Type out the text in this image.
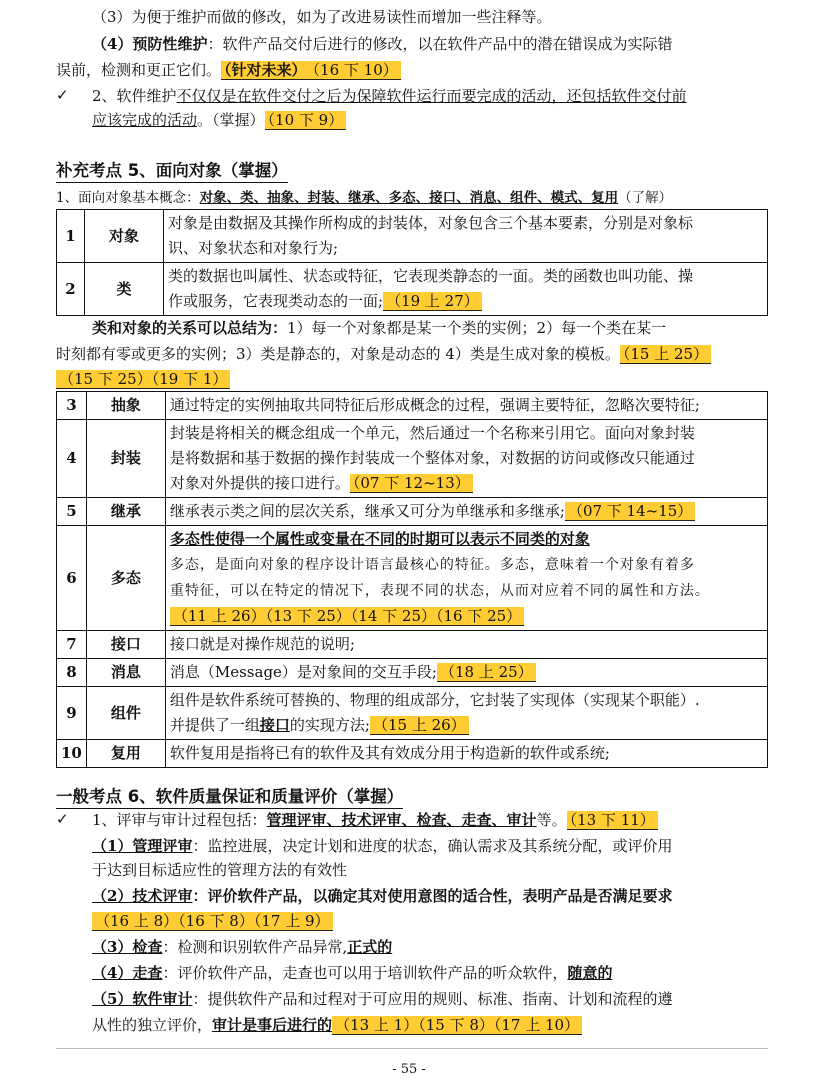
（3）为便于维护而做的修改，如为了改进易读性而增加一些注释等。
（4）预防性维护：软件产品交付后进行的修改，以在软件产品中的潜在错误成为实际错
误前，检测和更正它们。 （针对未来） （16 下 10）
✓ 2、软件维护不仅仅是在软件交付之后为保障软件运行而要完成的活动，还包括软件交付前
应该完成的活动。（掌握） （10 下 9）
补充考点 5、面向对象（掌握）
1、面向对象基本概念：对象、类、抽象、封装、继承、多态、接口、消息、组件、模式、复用（了解）
1	对象	对象是由数据及其操作所构成的封装体，对象包含三个基本要素，分别是对象标
识、对象状态和对象行为;
2	类	类的数据也叫属性、状态或特征，它表现类静态的一面。类的函数也叫功能、操
作或服务，它表现类动态的一面; （19 上 27）
类和对象的关系可以总结为：1）每一个对象都是某一个类的实例；2）每一个类在某一
时刻都有零或更多的实例；3）类是静态的，对象是动态的 4）类是生成对象的模板。 （15 上 25）
（15 下 25）（19 下 1）
3	抽象	通过特定的实例抽取共同特征后形成概念的过程，强调主要特征，忽略次要特征;
4	封装	封装是将相关的概念组成一个单元，然后通过一个名称来引用它。面向对象封装
是将数据和基于数据的操作封装成一个整体对象，对数据的访问或修改只能通过
对象对外提供的接口进行。 （07 下 12~13）
5	继承	继承表示类之间的层次关系，继承又可分为单继承和多继承; （07 下 14~15）
6	多态	多态性使得一个属性或变量在不同的时期可以表示不同类的对象
多态，是面向对象的程序设计语言最核心的特征。多态，意味着一个对象有着多
重特征，可以在特定的情况下，表现不同的状态，从而对应着不同的属性和方法。
（11 上 26）（13 下 25）（14 下 25）（16 下 25）
7	接口	接口就是对操作规范的说明;
8	消息	消息（Message）是对象间的交互手段; （18 上 25）
9	组件	组件是软件系统可替换的、物理的组成部分，它封装了实现体（实现某个职能）.
并提供了一组接口的实现方法; （15 上 26）
10	复用	软件复用是指将已有的软件及其有效成分用于构造新的软件或系统;
一般考点 6、软件质量保证和质量评价（掌握）
✓ 1、评审与审计过程包括：管理评审、技术评审、检查、走查、审计等。 （13 下 11）
（1）管理评审：监控进展，决定计划和进度的状态，确认需求及其系统分配，或评价用
于达到目标适应性的管理方法的有效性
（2）技术评审：评价软件产品，以确定其对使用意图的适合性，表明产品是否满足要求
（16 上 8）（16 下 8）（17 上 9）
（3）检查：检测和识别软件产品异常,正式的
（4）走查：评价软件产品，走查也可以用于培训软件产品的听众软件，随意的
（5）软件审计：提供软件产品和过程对于可应用的规则、标准、指南、计划和流程的遵
从性的独立评价，审计是事后进行的 （13 上 1）（15 下 8）（17 上 10）
- 55 -
